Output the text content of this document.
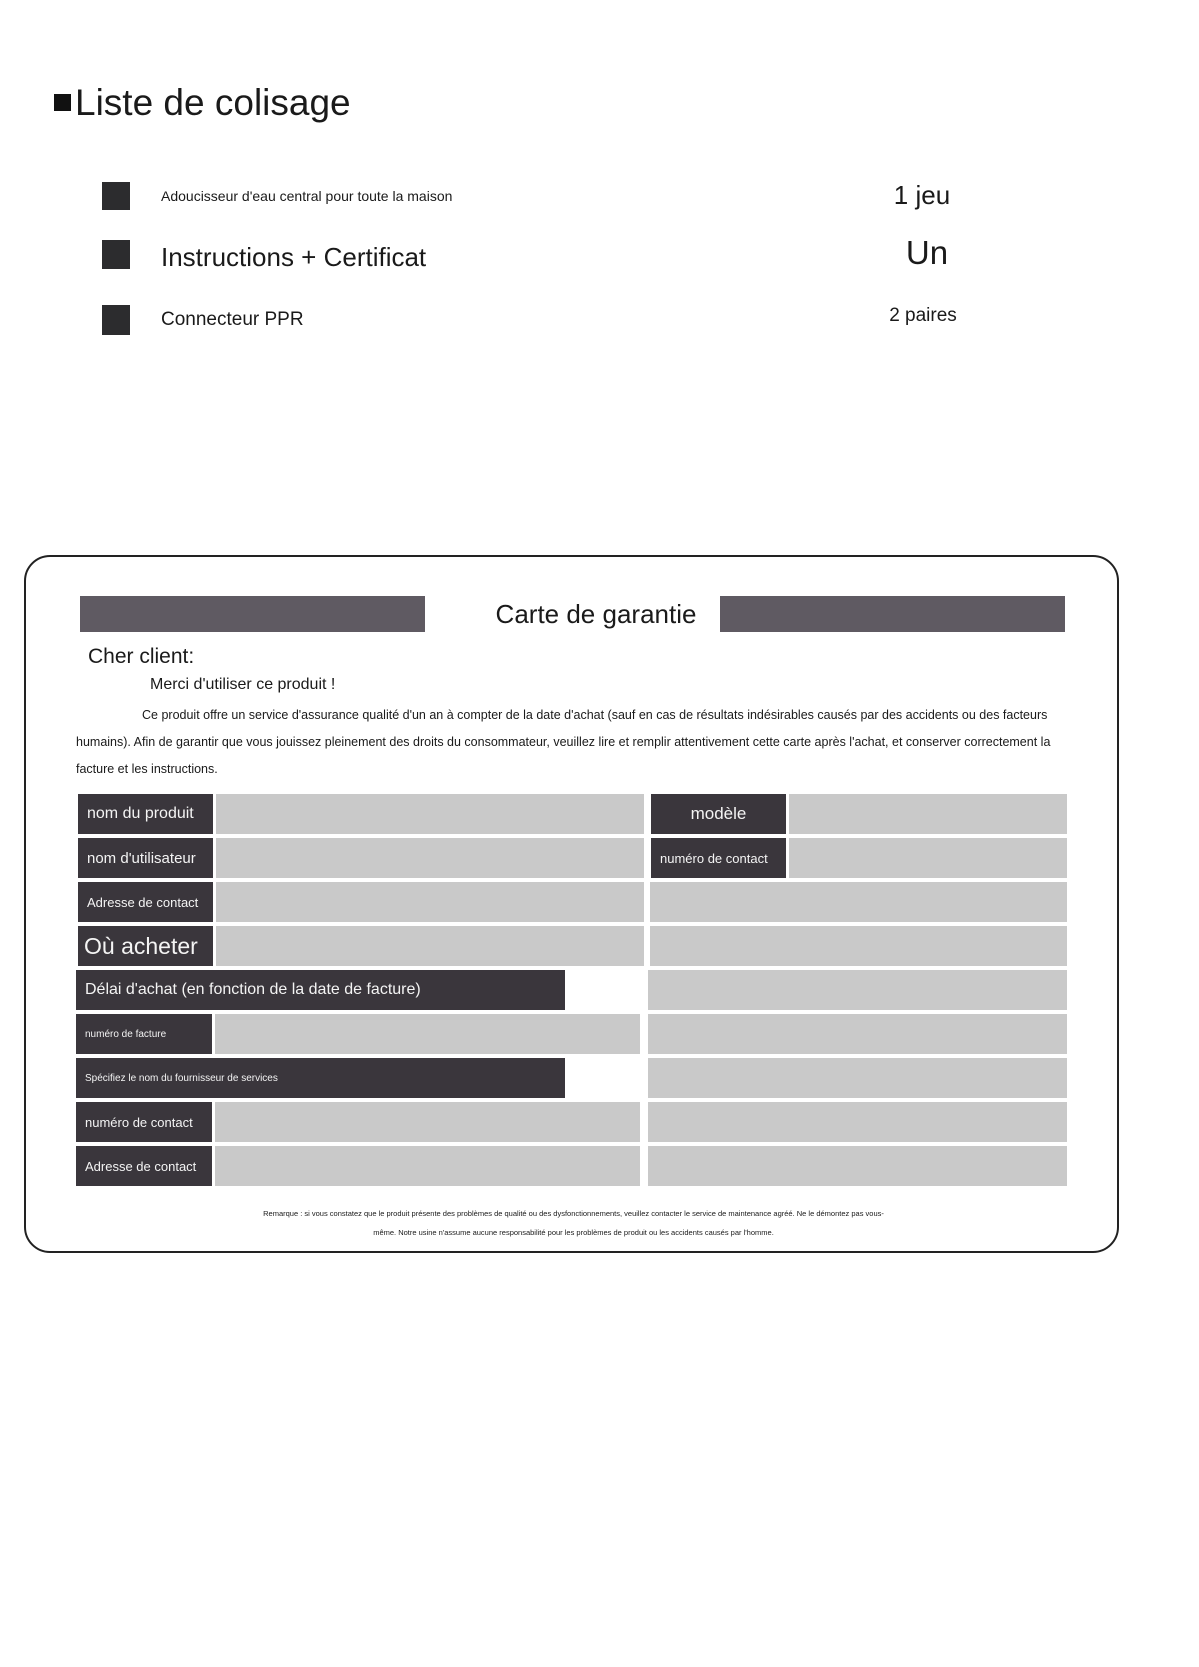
Liste de colisage
Adoucisseur d'eau central pour toute la maison	1 jeu
Instructions + Certificat	Un
Connecteur PPR	2 paires
Carte de garantie
Cher client:
Merci d'utiliser ce produit !
Ce produit offre un service d'assurance qualité d'un an à compter de la date d'achat (sauf en cas de résultats indésirables causés par des accidents ou des facteurs humains). Afin de garantir que vous jouissez pleinement des droits du consommateur, veuillez lire et remplir attentivement cette carte après l'achat, et conserver correctement la facture et les instructions.
nom du produit	modèle
nom d'utilisateur	numéro de contact
Adresse de contact
Où acheter
Délai d'achat (en fonction de la date de facture)
numéro de facture
Spécifiez le nom du fournisseur de services
numéro de contact
Adresse de contact
Remarque : si vous constatez que le produit présente des problèmes de qualité ou des dysfonctionnements, veuillez contacter le service de maintenance agréé. Ne le démontez pas vous-
même. Notre usine n'assume aucune responsabilité pour les problèmes de produit ou les accidents causés par l'homme.
